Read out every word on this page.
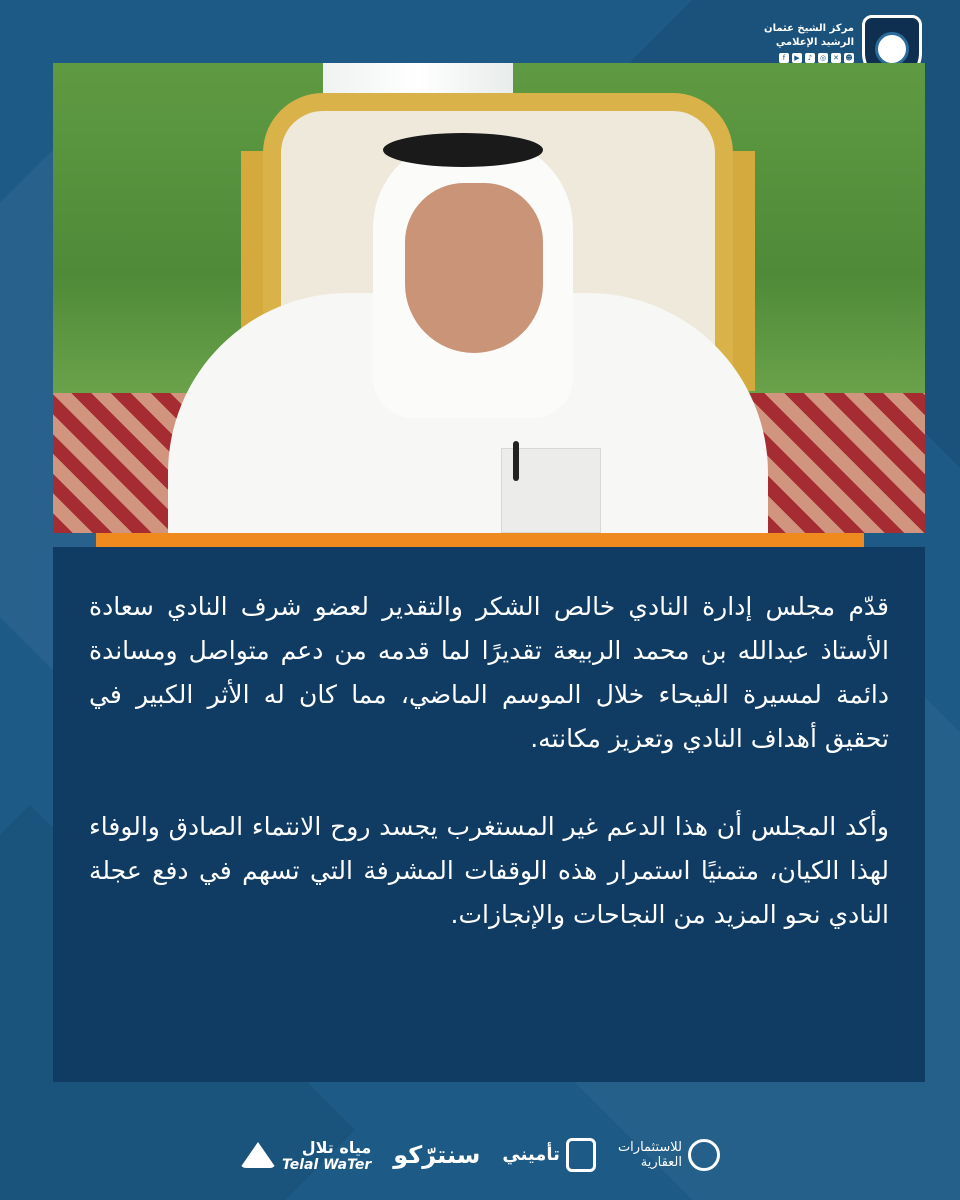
مركز الشيخ عثمان
الرشيد الإعلامي
f	▶	♪	◎ ✕ ☻

قدّم مجلس إدارة النادي خالص الشكر والتقدير لعضو شرف النادي سعادة الأستاذ عبدالله بن محمد الربيعة تقديرًا لما قدمه من دعم متواصل ومساندة دائمة لمسيرة الفيحاء خلال الموسم الماضي، مما كان له الأثر الكبير في تحقيق أهداف النادي وتعزيز مكانته.

وأكد المجلس أن هذا الدعم غير المستغرب يجسد روح الانتماء الصادق والوفاء لهذا الكيان، متمنيًا استمرار هذه الوقفات المشرفة التي تسهم في دفع عجلة النادي نحو المزيد من النجاحات والإنجازات.

للاستثمارات
العقارية
تأميني
سنترّكو
مياه تلال
Telal WaTer
